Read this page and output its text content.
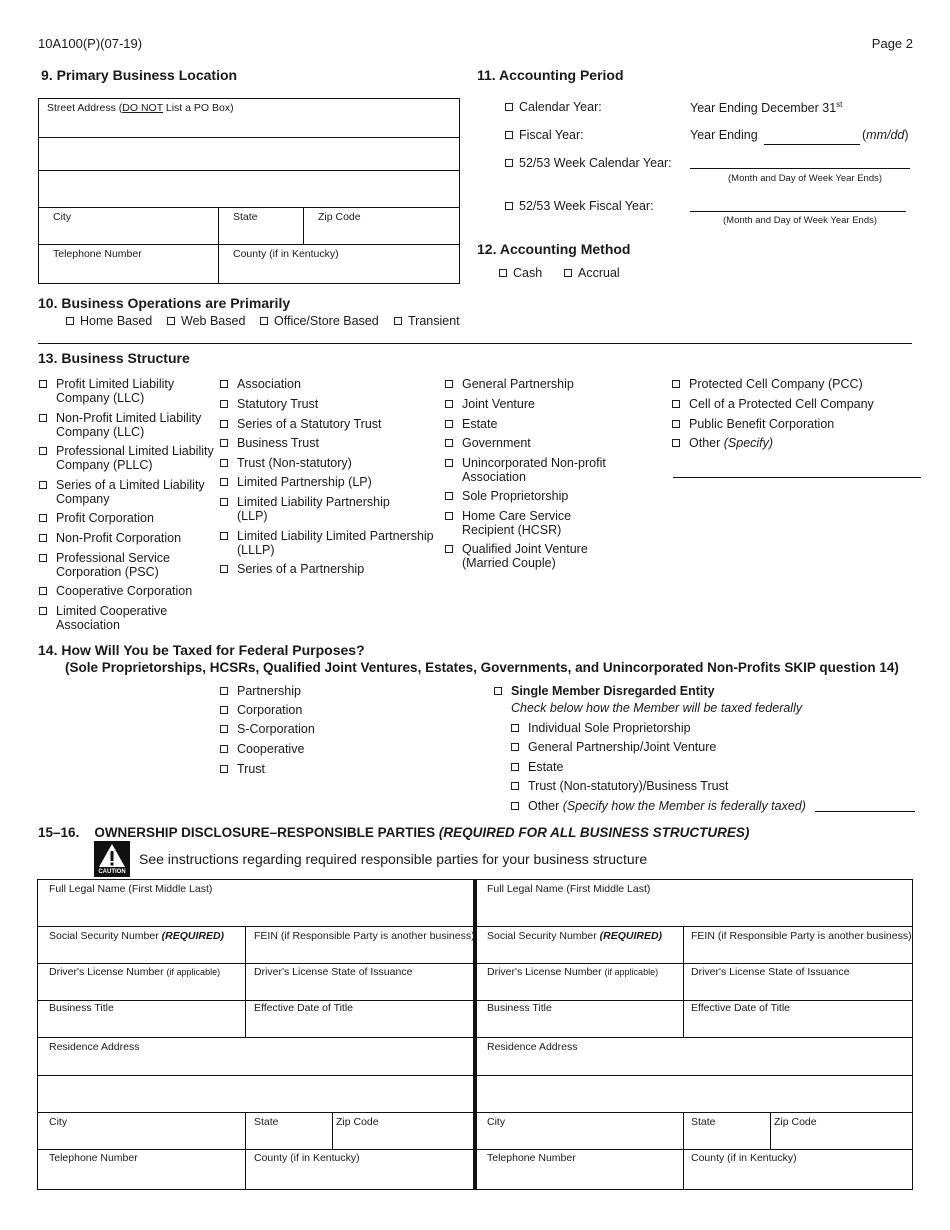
10A100(P)(07-19)	Page 2
9. Primary Business Location
Street Address (DO NOT List a PO Box)
City	State	Zip Code
Telephone Number	County (if in Kentucky)
10. Business Operations are Primarily
Home Based	Web Based	Office/Store Based	Transient
11. Accounting Period
Calendar Year:	Year Ending December 31st
Fiscal Year:	Year Ending	(mm/dd)
52/53 Week Calendar Year:
(Month and Day of Week Year Ends)
52/53 Week Fiscal Year:
(Month and Day of Week Year Ends)
12. Accounting Method
Cash	Accrual
13. Business Structure
Profit Limited Liability Company (LLC)
Non-Profit Limited Liability Company (LLC)
Professional Limited Liability Company (PLLC)
Series of a Limited Liability Company
Profit Corporation
Non-Profit Corporation
Professional Service Corporation (PSC)
Cooperative Corporation
Limited Cooperative Association
Association
Statutory Trust
Series of a Statutory Trust
Business Trust
Trust (Non-statutory)
Limited Partnership (LP)
Limited Liability Partnership (LLP)
Limited Liability Limited Partnership (LLLP)
Series of a Partnership
General Partnership
Joint Venture
Estate
Government
Unincorporated Non-profit Association
Sole Proprietorship
Home Care Service Recipient (HCSR)
Qualified Joint Venture (Married Couple)
Protected Cell Company (PCC)
Cell of a Protected Cell Company
Public Benefit Corporation
Other (Specify)
14. How Will You be Taxed for Federal Purposes?
(Sole Proprietorships, HCSRs, Qualified Joint Ventures, Estates, Governments, and Unincorporated Non-Profits SKIP question 14)
Partnership
Corporation
S-Corporation
Cooperative
Trust
Single Member Disregarded Entity
Check below how the Member will be taxed federally
Individual Sole Proprietorship
General Partnership/Joint Venture
Estate
Trust (Non-statutory)/Business Trust
Other (Specify how the Member is federally taxed)
15–16. OWNERSHIP DISCLOSURE–RESPONSIBLE PARTIES (REQUIRED FOR ALL BUSINESS STRUCTURES)
CAUTION
See instructions regarding required responsible parties for your business structure
Full Legal Name (First Middle Last)
Social Security Number (REQUIRED)	FEIN (if Responsible Party is another business)
Driver's License Number (if applicable)	Driver's License State of Issuance
Business Title	Effective Date of Title
Residence Address
City	State	Zip Code
Telephone Number	County (if in Kentucky)
Full Legal Name (First Middle Last)
Social Security Number (REQUIRED)	FEIN (if Responsible Party is another business)
Driver's License Number (if applicable)	Driver's License State of Issuance
Business Title	Effective Date of Title
Residence Address
City	State	Zip Code
Telephone Number	County (if in Kentucky)
